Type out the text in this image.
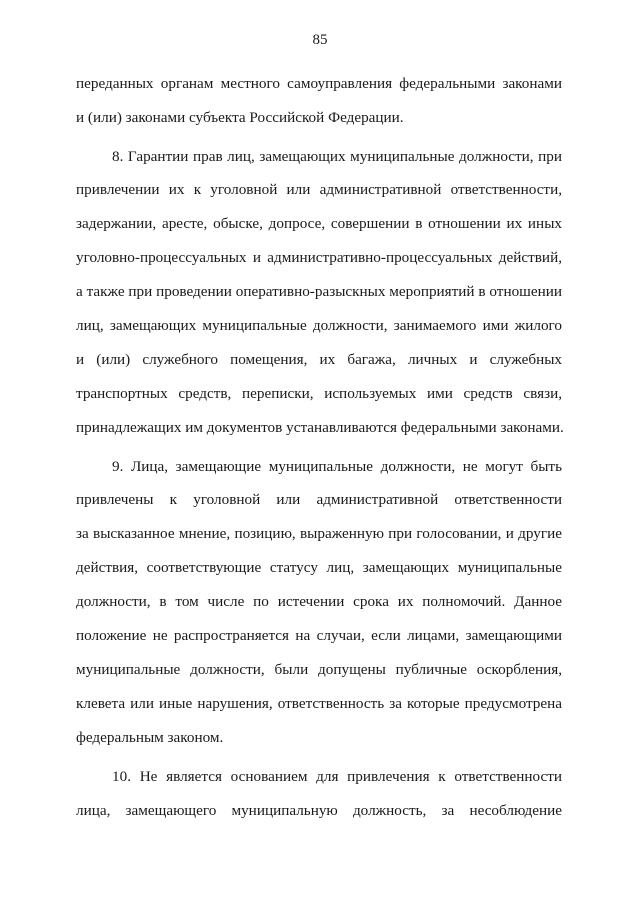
85
переданных органам местного самоуправления федеральными законами
и (или) законами субъекта Российской Федерации.
8. Гарантии прав лиц, замещающих муниципальные должности, при
привлечении их к уголовной или административной ответственности,
задержании, аресте, обыске, допросе, совершении в отношении их иных
уголовно-процессуальных и административно-процессуальных действий,
а также при проведении оперативно-разыскных мероприятий в отношении
лиц, замещающих муниципальные должности, занимаемого ими жилого
и (или) служебного помещения, их багажа, личных и служебных
транспортных средств, переписки, используемых ими средств связи,
принадлежащих им документов устанавливаются федеральными законами.
9. Лица, замещающие муниципальные должности, не могут быть
привлечены к уголовной или административной ответственности
за высказанное мнение, позицию, выраженную при голосовании, и другие
действия, соответствующие статусу лиц, замещающих муниципальные
должности, в том числе по истечении срока их полномочий. Данное
положение не распространяется на случаи, если лицами, замещающими
муниципальные должности, были допущены публичные оскорбления,
клевета или иные нарушения, ответственность за которые предусмотрена
федеральным законом.
10. Не является основанием для привлечения к ответственности
лица, замещающего муниципальную должность, за несоблюдение
